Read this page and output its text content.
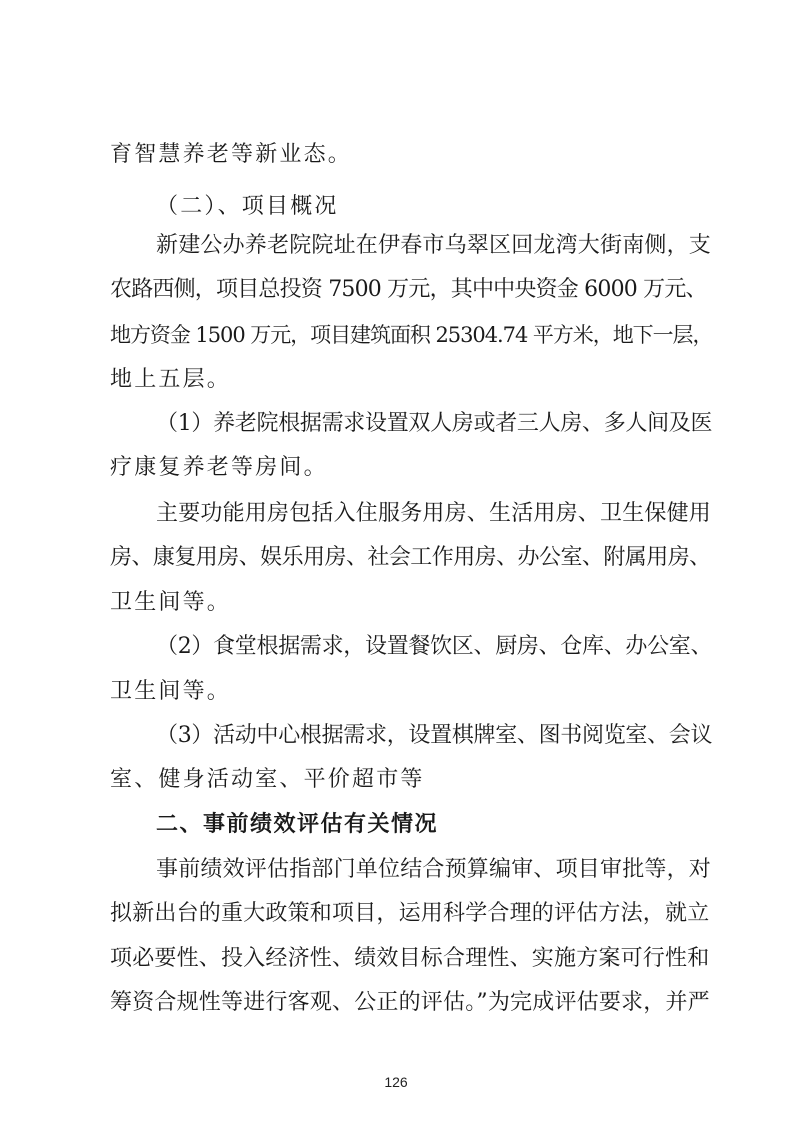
育智慧养老等新业态。
（二）、项目概况
新建公办养老院院址在伊春市乌翠区回龙湾大街南侧，支
农路西侧，项目总投资 7500 万元，其中中央资金 6000 万元、
地方资金 1500 万元，项目建筑面积 25304.74 平方米，地下一层，
地上五层。
（1）养老院根据需求设置双人房或者三人房、多人间及医
疗康复养老等房间。
主要功能用房包括入住服务用房、生活用房、卫生保健用
房、康复用房、娱乐用房、社会工作用房、办公室、附属用房、
卫生间等。
（2）食堂根据需求，设置餐饮区、厨房、仓库、办公室、
卫生间等。
（3）活动中心根据需求，设置棋牌室、图书阅览室、会议
室、健身活动室、平价超市等
二、事前绩效评估有关情况
事前绩效评估指部门单位结合预算编审、项目审批等，对
拟新出台的重大政策和项目，运用科学合理的评估方法，就立
项必要性、投入经济性、绩效目标合理性、实施方案可行性和
筹资合规性等进行客观、公正的评估。”为完成评估要求，并严
126
